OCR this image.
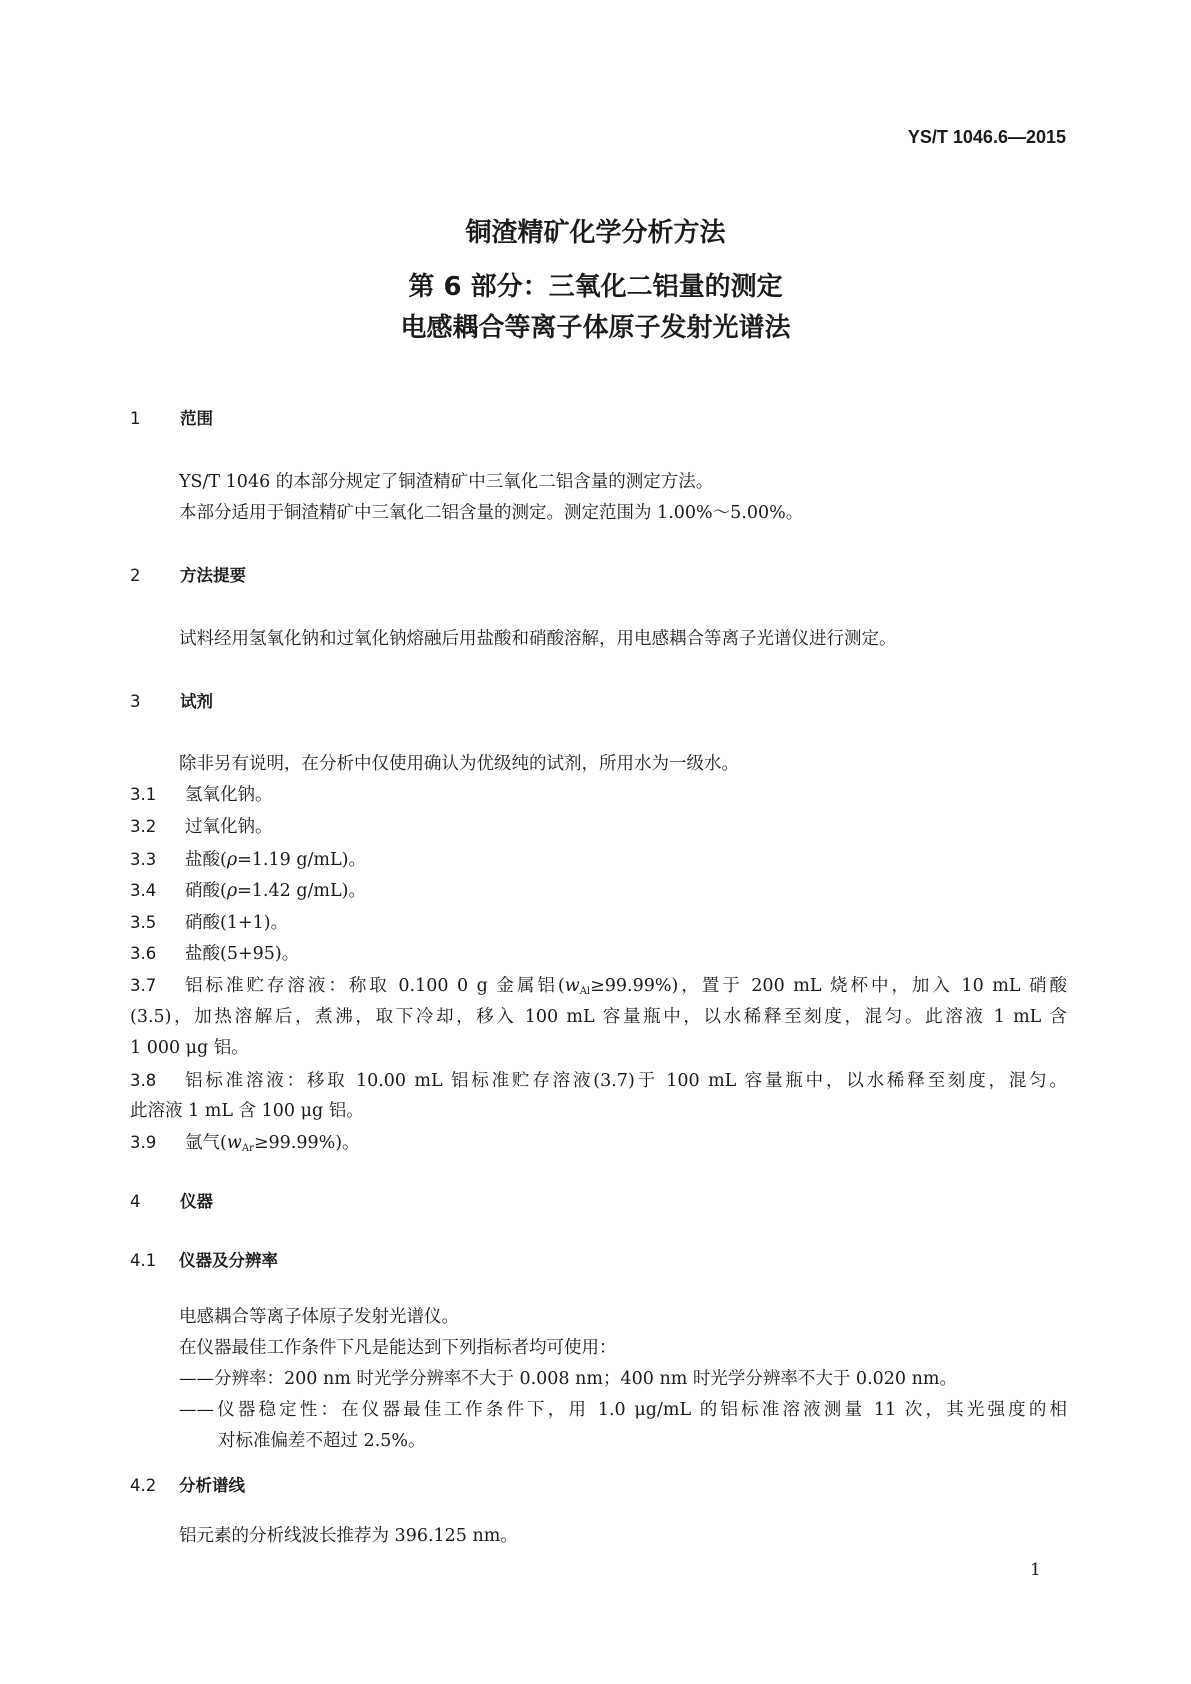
YS/T 1046.6—2015
铜渣精矿化学分析方法
第 6 部分：三氧化二铝量的测定
电感耦合等离子体原子发射光谱法
1 范围
YS/T 1046 的本部分规定了铜渣精矿中三氧化二铝含量的测定方法。
本部分适用于铜渣精矿中三氧化二铝含量的测定。测定范围为 1.00%～5.00%。
2 方法提要
试料经用氢氧化钠和过氧化钠熔融后用盐酸和硝酸溶解，用电感耦合等离子光谱仪进行测定。
3 试剂
除非另有说明，在分析中仅使用确认为优级纯的试剂，所用水为一级水。
3.1 氢氧化钠。
3.2 过氧化钠。
3.3 盐酸(ρ=1.19 g/mL)。
3.4 硝酸(ρ=1.42 g/mL)。
3.5 硝酸(1+1)。
3.6 盐酸(5+95)。
3.7 铝标准贮存溶液：称取 0.100 0 g 金属铝$(w_{Al}\ge 99.99\%)$，置于 200 mL 烧杯中，加入 10 mL 硝酸
(3.5)，加热溶解后，煮沸，取下冷却，移入 100 mL 容量瓶中，以水稀释至刻度，混匀。此溶液 1 mL 含
1 000 μg 铝。
3.8 铝标准溶液：移取 10.00 mL 铝标准贮存溶液(3.7)于 100 mL 容量瓶中，以水稀释至刻度，混匀。
此溶液 1 mL 含 100 μg 铝。
3.9 氩气$(w_{Ar}\ge 99.99\%)$。
4 仪器
4.1 仪器及分辨率
电感耦合等离子体原子发射光谱仪。
在仪器最佳工作条件下凡是能达到下列指标者均可使用：
——分辨率：200 nm 时光学分辨率不大于 0.008 nm；400 nm 时光学分辨率不大于 0.020 nm。
——仪器稳定性：在仪器最佳工作条件下，用 1.0 μg/mL 的铝标准溶液测量 11 次，其光强度的相
对标准偏差不超过 2.5%。
4.2 分析谱线
铝元素的分析线波长推荐为 396.125 nm。
1
